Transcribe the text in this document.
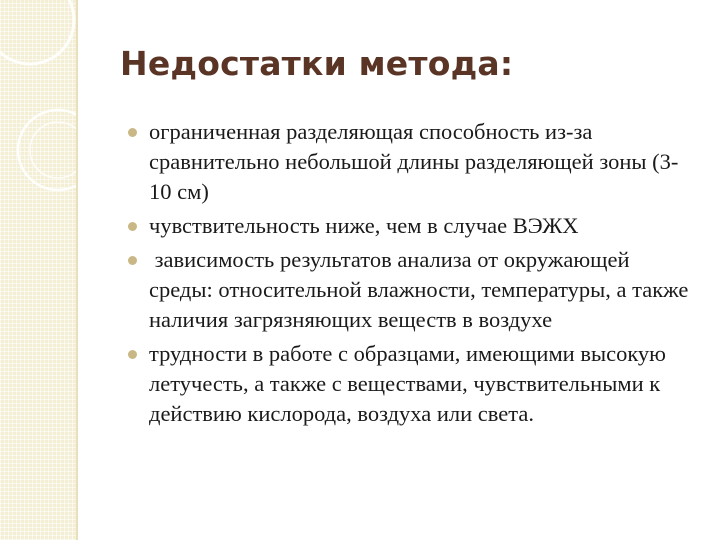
Недостатки метода:
ограниченная разделяющая способность из-за сравнительно небольшой длины разделяющей зоны (3-10 см)
чувствительность ниже, чем в случае ВЭЖХ
зависимость результатов анализа от окружающей среды: относительной влажности, температуры, а также наличия загрязняющих веществ в воздухе
трудности в работе с образцами, имеющими высокую летучесть, а также с веществами, чувствительными к действию кислорода, воздуха или света.
